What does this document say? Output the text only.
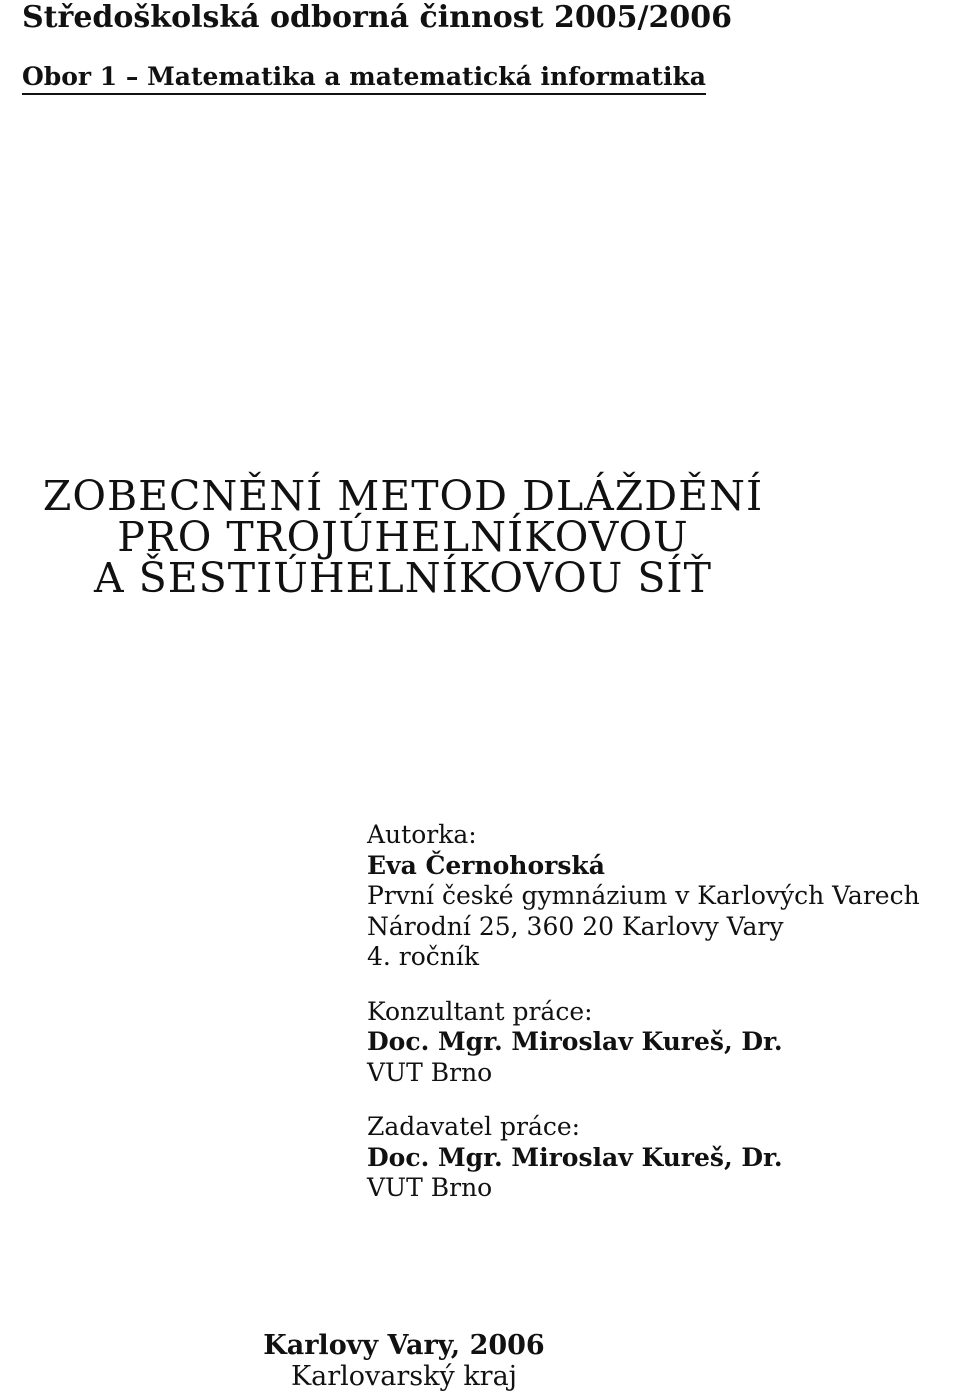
Středoškolská odborná činnost 2005/2006
Obor 1 – Matematika a matematická informatika
ZOBECNĚNÍ METOD DLÁŽDĚNÍ
PRO TROJÚHELNÍKOVOU
A ŠESTIÚHELNÍKOVOU SÍŤ
Autorka:
Eva Černohorská
První české gymnázium v Karlových Varech
Národní 25, 360 20 Karlovy Vary
4. ročník
Konzultant práce:
Doc. Mgr. Miroslav Kureš, Dr.
VUT Brno
Zadavatel práce:
Doc. Mgr. Miroslav Kureš, Dr.
VUT Brno
Karlovy Vary, 2006
Karlovarský kraj
